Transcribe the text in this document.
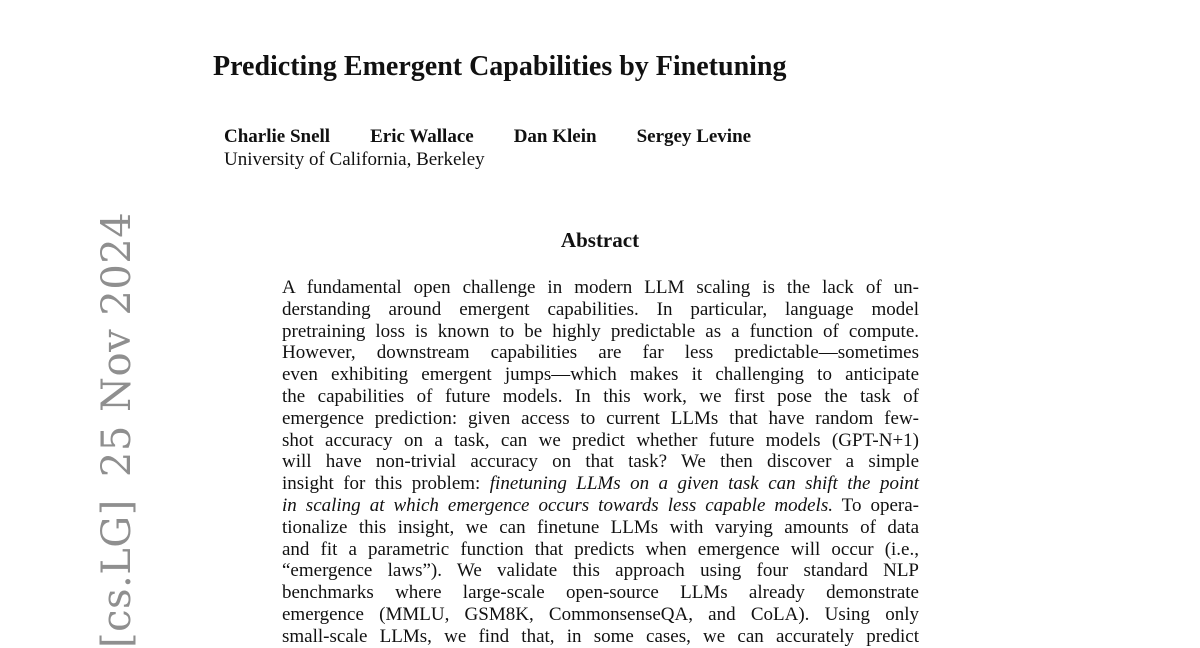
[cs.LG]25 Nov 2024
Predicting Emergent Capabilities by Finetuning
Charlie Snell Eric Wallace Dan Klein Sergey Levine
University of California, Berkeley
Abstract
A fundamental open challenge in modern LLM scaling is the lack of un-
derstanding around emergent capabilities. In particular, language model
pretraining loss is known to be highly predictable as a function of compute.
However, downstream capabilities are far less predictable—sometimes
even exhibiting emergent jumps—which makes it challenging to anticipate
the capabilities of future models. In this work, we first pose the task of
emergence prediction: given access to current LLMs that have random few-
shot accuracy on a task, can we predict whether future models (GPT-N+1)
will have non-trivial accuracy on that task? We then discover a simple
insight for this problem: finetuning LLMs on a given task can shift the point
in scaling at which emergence occurs towards less capable models. To opera-
tionalize this insight, we can finetune LLMs with varying amounts of data
and fit a parametric function that predicts when emergence will occur (i.e.,
“emergence laws”). We validate this approach using four standard NLP
benchmarks where large-scale open-source LLMs already demonstrate
emergence (MMLU, GSM8K, CommonsenseQA, and CoLA). Using only
small-scale LLMs, we find that, in some cases, we can accurately predict
